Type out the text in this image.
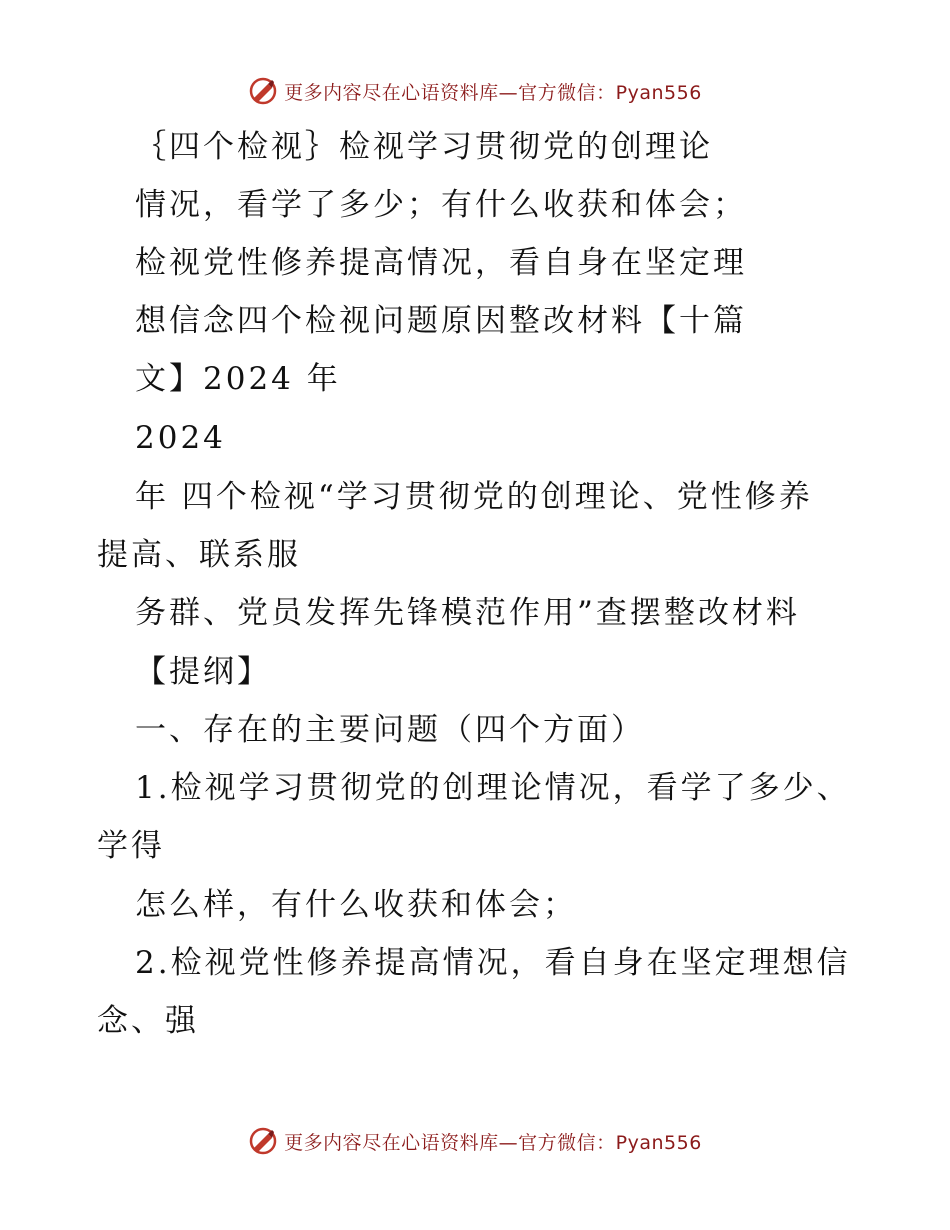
更多内容尽在心语资料库—官方微信：Pyan556
｛四个检视｝检视学习贯彻党的创理论
情况，看学了多少；有什么收获和体会；
检视党性修养提高情况，看自身在坚定理
想信念四个检视问题原因整改材料【十篇
文】2024 年
2024
年 四个检视“学习贯彻党的创理论、党性修养
提高、联系服
务群、党员发挥先锋模范作用”查摆整改材料
【提纲】
一、存在的主要问题（四个方面）
1.检视学习贯彻党的创理论情况，看学了多少、
学得
怎么样，有什么收获和体会；
2.检视党性修养提高情况，看自身在坚定理想信
念、强
更多内容尽在心语资料库—官方微信：Pyan556
